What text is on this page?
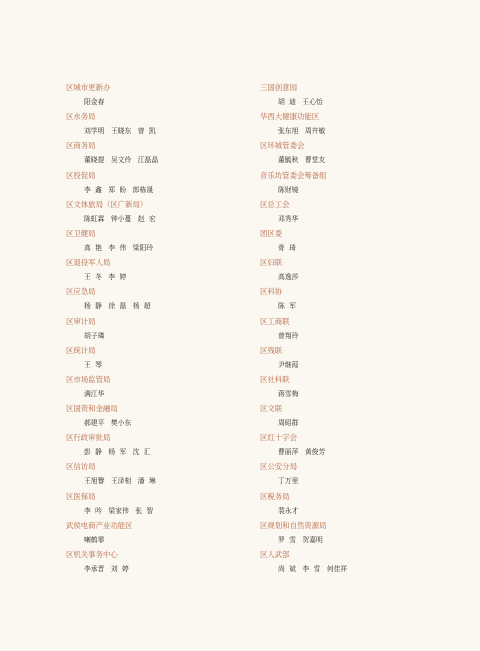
区城市更新办
阳金春
区水务局
刘学明   王晓东   曾  凯
区商务局
董晓提   吴文伶   江磊晶
区投促局
李  鑫   郑  盼   郎栋晟
区文体旅局（区广新局）
陈虹霖   钟小蔓   赵  宏
区卫健局
高  艳   李  伟   梁阳玲
区退役军人局
王  冬   李  婷
区应急局
杨  静   徐  磊   杨  超
区审计局
胡子璘
区统计局
王  琴
区市场监管局
满江华
区国资和金融局
郝建平   樊小东
区行政审批局
彭  静   杨  军   沈  汇
区信访局
王旭譽   王泽相   潘  琳
区医保局
李  吟   梁家伟   张  智
武侯电商产业功能区
喇鹤霏
区机关事务中心
李承晋   刘  婷
三国创意园
胡  迪   王心怡
华西大健康功能区
张东旭   周井敏
区环城管委会
董毓秋   曹堂友
音乐坊管委会筹备组
陈财镜
区总工会
邓秀华
团区委
骨  琦
区妇联
高逸莎
区科协
陈  军
区工商联
曾翔玲
区残联
尹继葭
区社科联
蒋雪梅
区文联
周昭群
区红十字会
曹丽萍   黄俊芳
区公安分局
丁万里
区税务局
裴永才
区规划和自然资源局
罗  雪   贺嘉明
区人武部
尚  斌   李  雪   何佳祥
